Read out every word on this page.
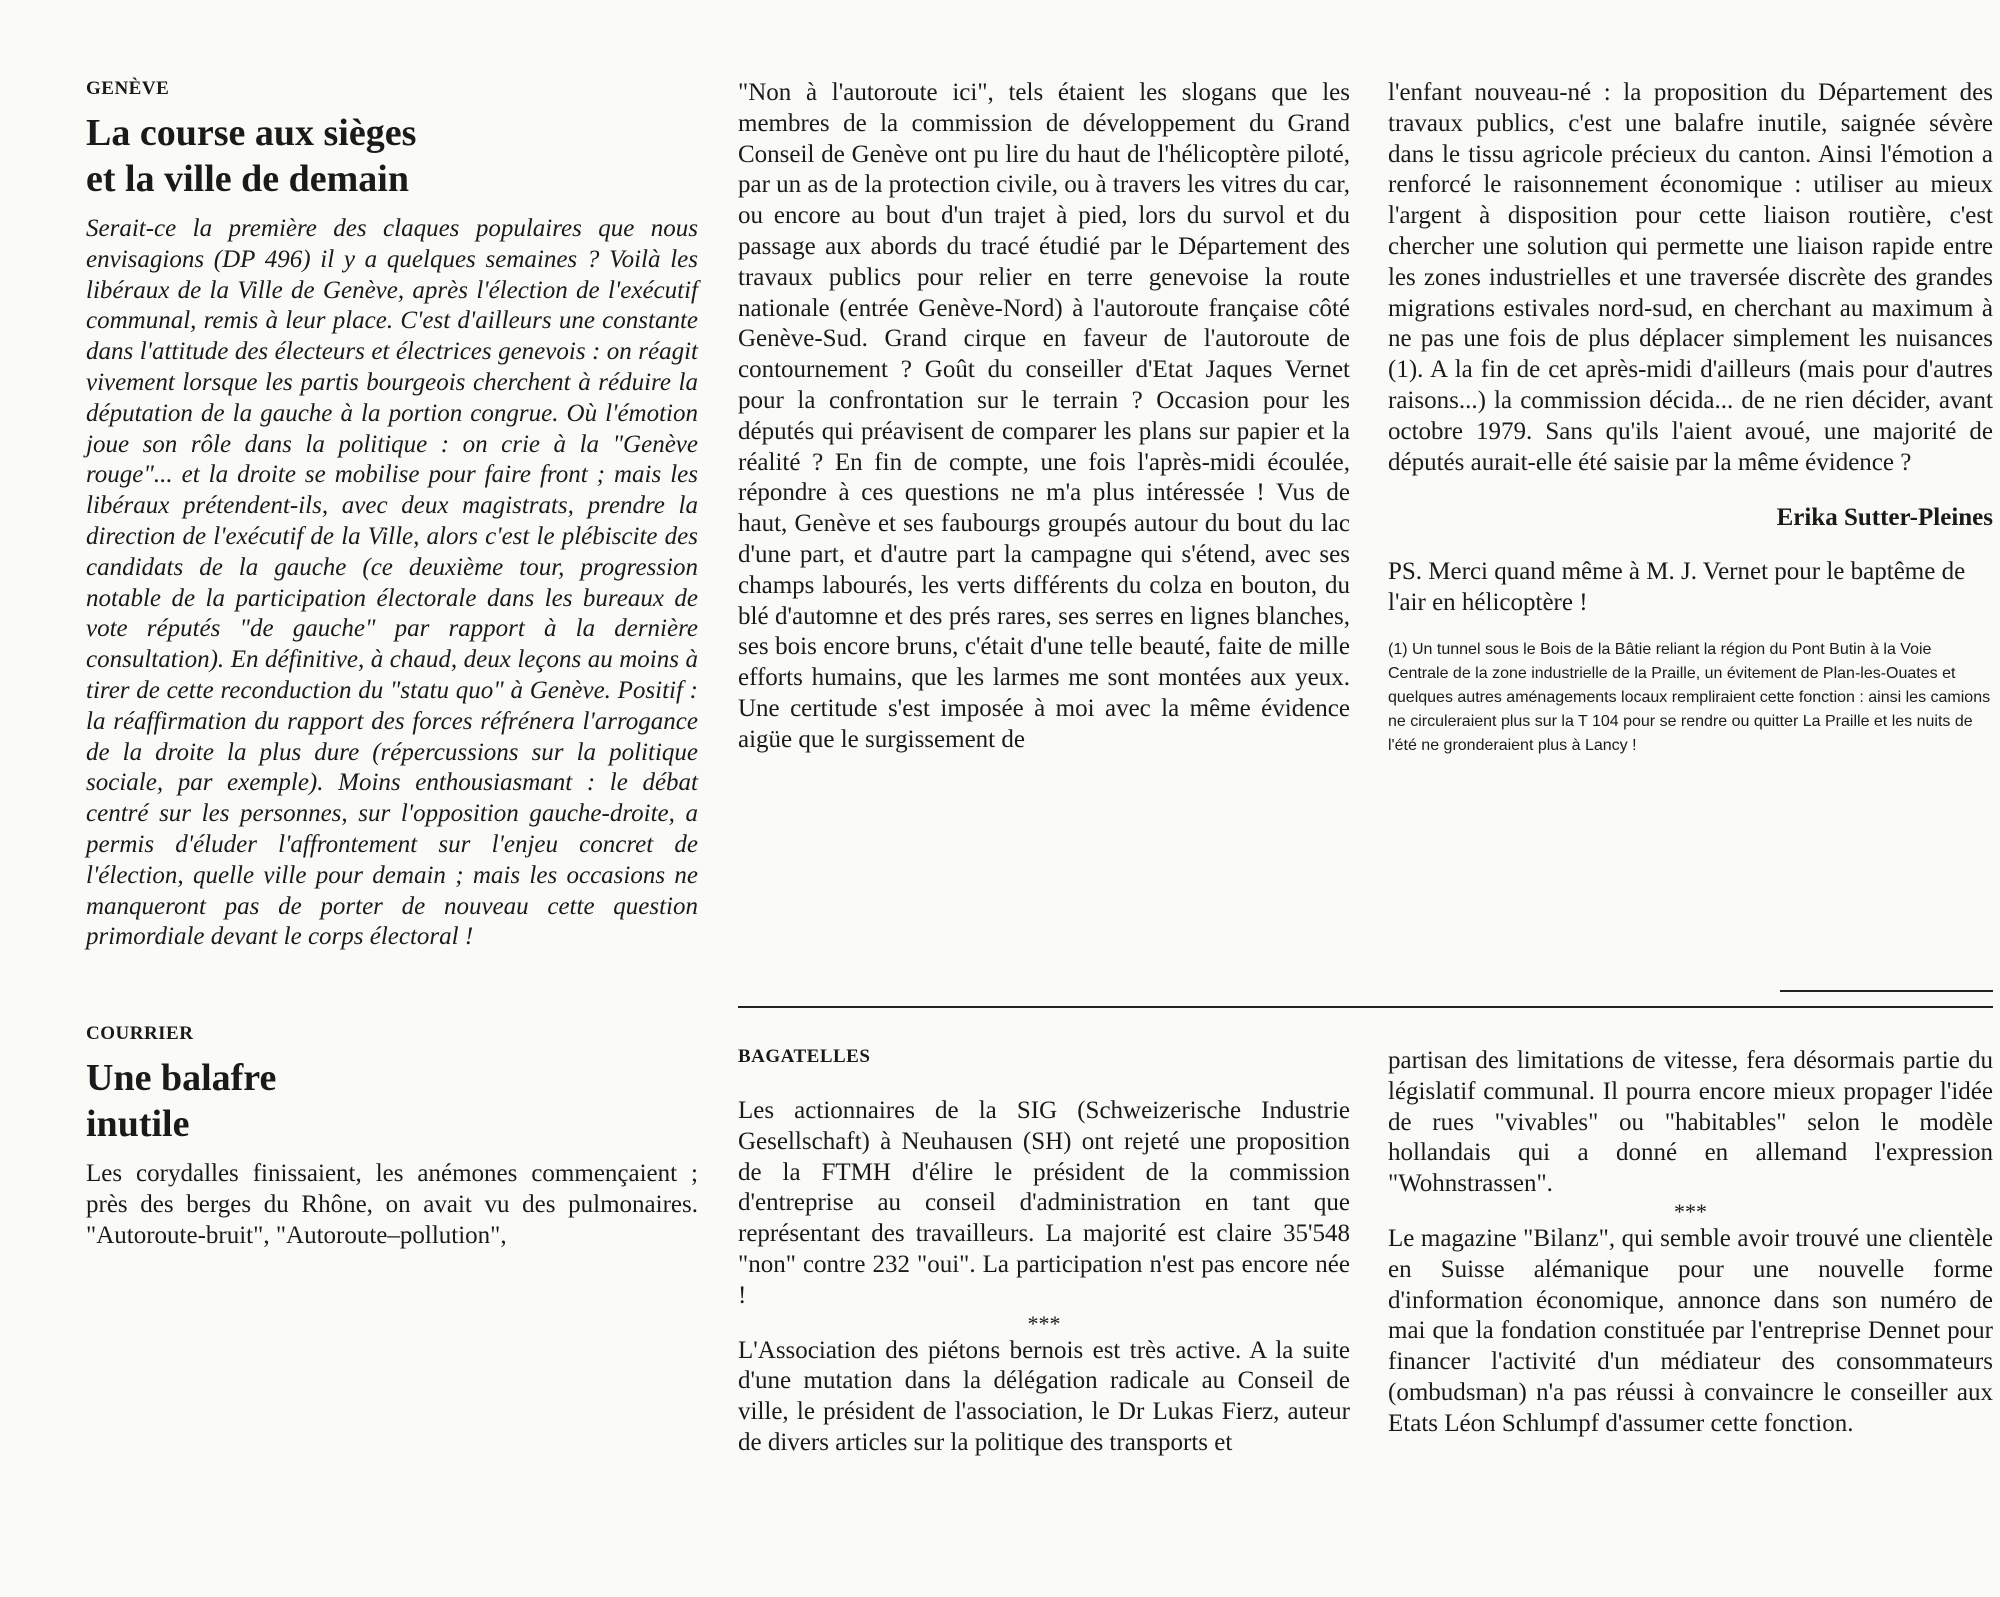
GENÈVE
La course aux sièges
et la ville de demain

Serait-ce la première des claques populaires que nous envisagions (DP 496) il y a quelques semaines ? Voilà les libéraux de la Ville de Genève, après l'élection de l'exécutif communal, remis à leur place. C'est d'ailleurs une constante dans l'attitude des électeurs et électrices genevois : on réagit vivement lorsque les partis bourgeois cherchent à réduire la députation de la gauche à la portion congrue. Où l'émotion joue son rôle dans la politique : on crie à la "Genève rouge"... et la droite se mobilise pour faire front ; mais les libéraux prétendent-ils, avec deux magistrats, prendre la direction de l'exécutif de la Ville, alors c'est le plébiscite des candidats de la gauche (ce deuxième tour, progression notable de la participation électorale dans les bureaux de vote réputés "de gauche" par rapport à la dernière consultation). En définitive, à chaud, deux leçons au moins à tirer de cette reconduction du "statu quo" à Genève. Positif : la réaffirmation du rapport des forces réfrénera l'arrogance de la droite la plus dure (répercussions sur la politique sociale, par exemple). Moins enthousiasmant : le débat centré sur les personnes, sur l'opposition gauche-droite, a permis d'éluder l'affrontement sur l'enjeu concret de l'élection, quelle ville pour demain ; mais les occasions ne manqueront pas de porter de nouveau cette question primordiale devant le corps électoral !

COURRIER
Une balafre
inutile

Les corydalles finissaient, les anémones commençaient ; près des berges du Rhône, on avait vu des pulmonaires. "Autoroute-bruit", "Autoroute–pollution",

"Non à l'autoroute ici", tels étaient les slogans que les membres de la commission de développement du Grand Conseil de Genève ont pu lire du haut de l'hélicoptère piloté, par un as de la protection civile, ou à travers les vitres du car, ou encore au bout d'un trajet à pied, lors du survol et du passage aux abords du tracé étudié par le Département des travaux publics pour relier en terre genevoise la route nationale (entrée Genève-Nord) à l'autoroute française côté Genève-Sud. Grand cirque en faveur de l'autoroute de contournement ? Goût du conseiller d'Etat Jaques Vernet pour la confrontation sur le terrain ? Occasion pour les députés qui préavisent de comparer les plans sur papier et la réalité ? En fin de compte, une fois l'après-midi écoulée, répondre à ces questions ne m'a plus intéressée ! Vus de haut, Genève et ses faubourgs groupés autour du bout du lac d'une part, et d'autre part la campagne qui s'étend, avec ses champs labourés, les verts différents du colza en bouton, du blé d'automne et des prés rares, ses serres en lignes blanches, ses bois encore bruns, c'était d'une telle beauté, faite de mille efforts humains, que les larmes me sont montées aux yeux. Une certitude s'est imposée à moi avec la même évidence aigüe que le surgissement de

l'enfant nouveau-né : la proposition du Département des travaux publics, c'est une balafre inutile, saignée sévère dans le tissu agricole précieux du canton. Ainsi l'émotion a renforcé le raisonnement économique : utiliser au mieux l'argent à disposition pour cette liaison routière, c'est chercher une solution qui permette une liaison rapide entre les zones industrielles et une traversée discrète des grandes migrations estivales nord-sud, en cherchant au maximum à ne pas une fois de plus déplacer simplement les nuisances (1). A la fin de cet après-midi d'ailleurs (mais pour d'autres raisons...) la commission décida... de ne rien décider, avant octobre 1979. Sans qu'ils l'aient avoué, une majorité de députés aurait-elle été saisie par la même évidence ?

Erika Sutter-Pleines

PS. Merci quand même à M. J. Vernet pour le baptême de l'air en hélicoptère !

(1) Un tunnel sous le Bois de la Bâtie reliant la région du Pont Butin à la Voie Centrale de la zone industrielle de la Praille, un évitement de Plan-les-Ouates et quelques autres aménagements locaux rempliraient cette fonction : ainsi les camions ne circuleraient plus sur la T 104 pour se rendre ou quitter La Praille et les nuits de l'été ne gronderaient plus à Lancy !

BAGATELLES

Les actionnaires de la SIG (Schweizerische Industrie Gesellschaft) à Neuhausen (SH) ont rejeté une proposition de la FTMH d'élire le président de la commission d'entreprise au conseil d'administration en tant que représentant des travailleurs. La majorité est claire 35'548 "non" contre 232 "oui". La participation n'est pas encore née !

***

L'Association des piétons bernois est très active. A la suite d'une mutation dans la délégation radicale au Conseil de ville, le président de l'association, le Dr Lukas Fierz, auteur de divers articles sur la politique des transports et

partisan des limitations de vitesse, fera désormais partie du législatif communal. Il pourra encore mieux propager l'idée de rues "vivables" ou "habitables" selon le modèle hollandais qui a donné en allemand l'expression "Wohnstrassen".

***

Le magazine "Bilanz", qui semble avoir trouvé une clientèle en Suisse alémanique pour une nouvelle forme d'information économique, annonce dans son numéro de mai que la fondation constituée par l'entreprise Dennet pour financer l'activité d'un médiateur des consommateurs (ombudsman) n'a pas réussi à convaincre le conseiller aux Etats Léon Schlumpf d'assumer cette fonction.
